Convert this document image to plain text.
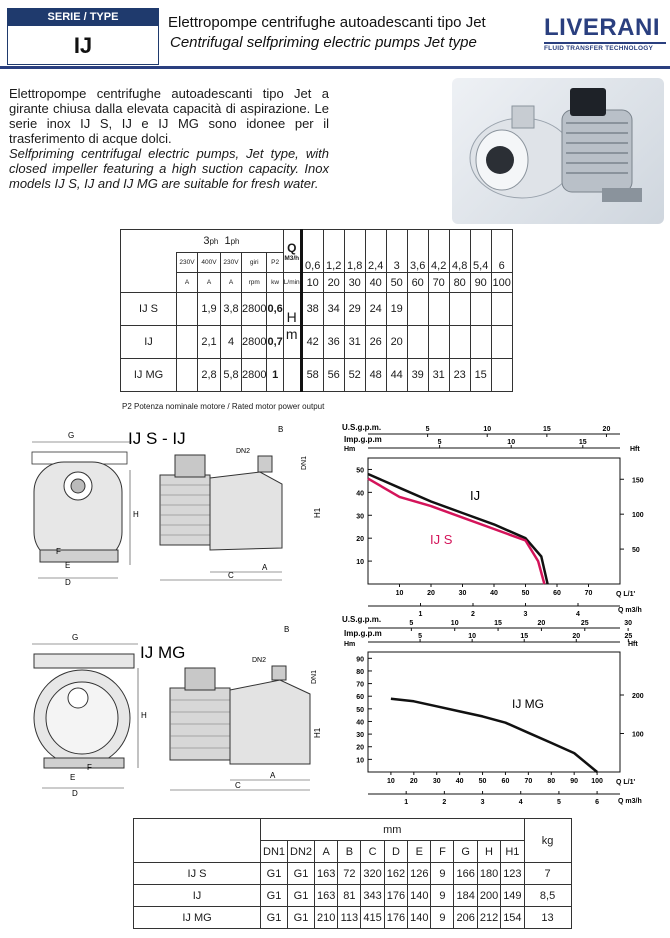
SERIE / TYPE
IJ
Elettropompe centrifughe autoadescanti tipo Jet
Centrifugal selfpriming electric pumps Jet type
LIVERANI
FLUID TRANSFER TECHNOLOGY
Elettropompe centrifughe autoadescanti tipo Jet a girante chiusa dalla elevata capacità di aspirazione. Le serie inox IJ S, IJ e IJ MG sono idonee per il trasferimento di acque dolci.
Selfpriming centrifugal electric pumps, Jet type, with closed impeller featuring a high suction capacity. Inox models IJ S, IJ and IJ MG are suitable for fresh water.
	3ph 1ph					Q
M3/h	0,6	1,2	1,8	2,4	3	3,6	4,2	4,8	5,4	6
	230V	400V	230V	giri	P2											
	A	A	A	rpm	kw	L/min	10	20	30	40	50	60	70	80	90	100
IJ S		1,9	3,8	2800	0,6	H	38	34	29	24	19					
IJ		2,1	4	2800	0,7	m	42	36	31	26	20					
IJ MG		2,8	5,8	2800	1		58	56	52	48	44	39	31	23	15	
P2 Potenza nominale motore / Rated motor power output
IJ S - IJ
G
H
F
E
D
DN2
B
DN1
H1
A
C
IJ MG
G
H
F
E
D
DN2
B
DN1
H1
A
C
U.S.g.p.m.
Imp.g.p.m
Hm	Hft
10
20
30
40
50
10	20	30	40	50	60	70
1	2	3	4
5	10	15	20
5	10	15
50
100
150
IJ
IJ S
Q L/1'
Q m3/h
U.S.g.p.m.
Imp.g.p.m
Hm	Hft
10
20
30
40
50
60
70
80
90
10 20 30 40 50 60 70 80 90 100
1	2	3	4	5	6
5	10	15	20	25	30
5	10	15	20	25
100
200
IJ MG
Q L/1'
Q m3/h
	mm											kg
	DN1	DN2	A	B	C	D	E	F	G	H	H1	
IJ S	G1	G1	163	72	320	162	126	9	166	180	123	7
IJ	G1	G1	163	81	343	176	140	9	184	200	149	8,5
IJ MG	G1	G1	210	113	415	176	140	9	206	212	154	13
